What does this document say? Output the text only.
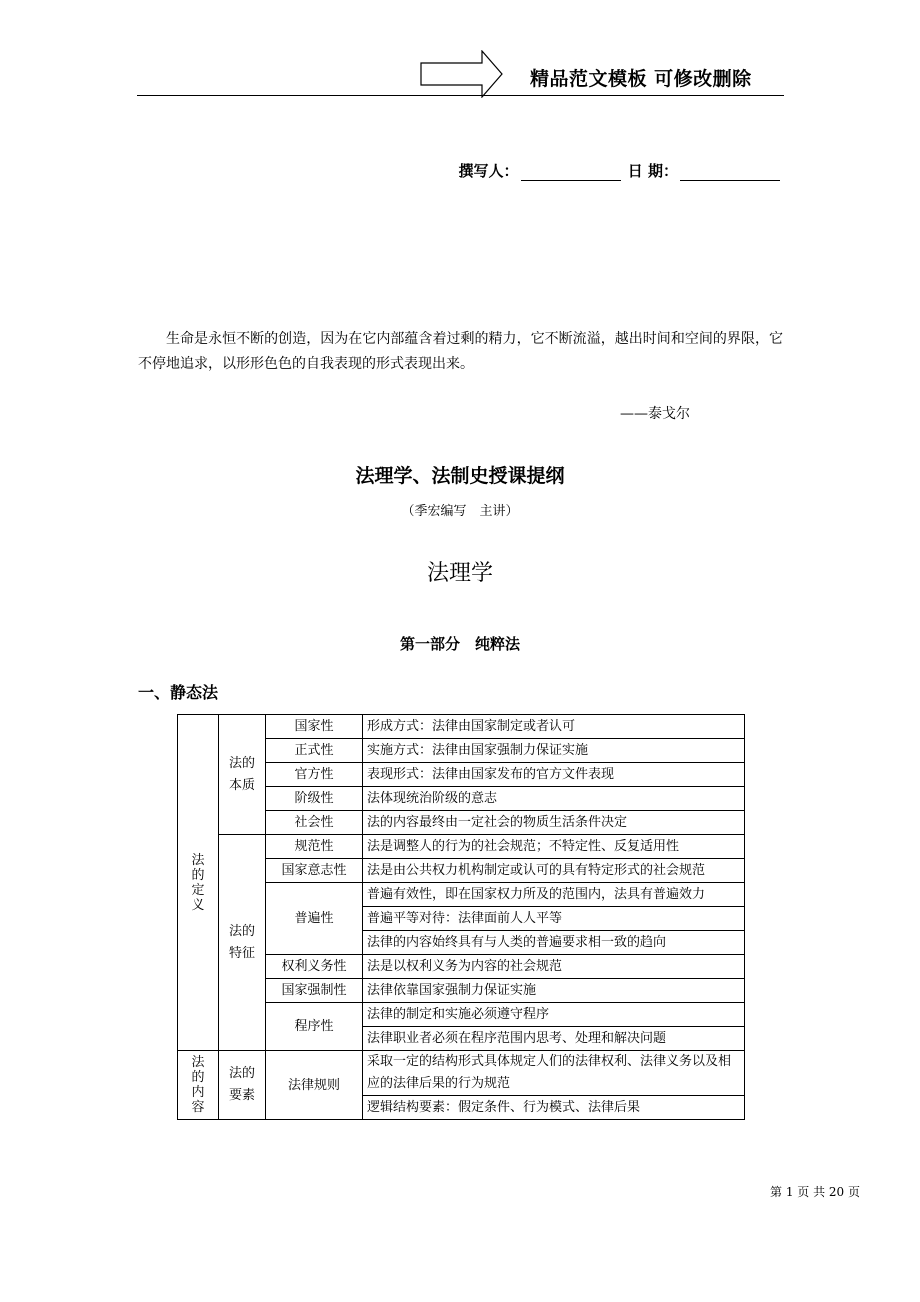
精品范文模板 可修改删除
撰写人：	日 期：
生命是永恒不断的创造，因为在它内部蕴含着过剩的精力，它不断流溢，越出时间和空间的界限，它不停地追求，以形形色色的自我表现的形式表现出来。
——泰戈尔
法理学、法制史授课提纲
（季宏编写　主讲）
法理学
第一部分　纯粹法
一、静态法
法的定义	法的本质	国家性	形成方式：法律由国家制定或者认可
		正式性	实施方式：法律由国家强制力保证实施
		官方性	表现形式：法律由国家发布的官方文件表现
		阶级性	法体现统治阶级的意志
		社会性	法的内容最终由一定社会的物质生活条件决定

	法的特征	规范性	法是调整人的行为的社会规范；不特定性、反复适用性
		国家意志性	法是由公共权力机构制定或认可的具有特定形式的社会规范
		普遍性	普遍有效性，即在国家权力所及的范围内，法具有普遍效力
			普遍平等对待：法律面前人人平等
			法律的内容始终具有与人类的普遍要求相一致的趋向
		权利义务性	法是以权利义务为内容的社会规范
		国家强制性	法律依靠国家强制力保证实施
		程序性	法律的制定和实施必须遵守程序
			法律职业者必须在程序范围内思考、处理和解决问题

法的内容	法的要素	法律规则	采取一定的结构形式具体规定人们的法律权利、法律义务以及相应的法律后果的行为规范
			逻辑结构要素：假定条件、行为模式、法律后果
第 1 页 共 20 页
